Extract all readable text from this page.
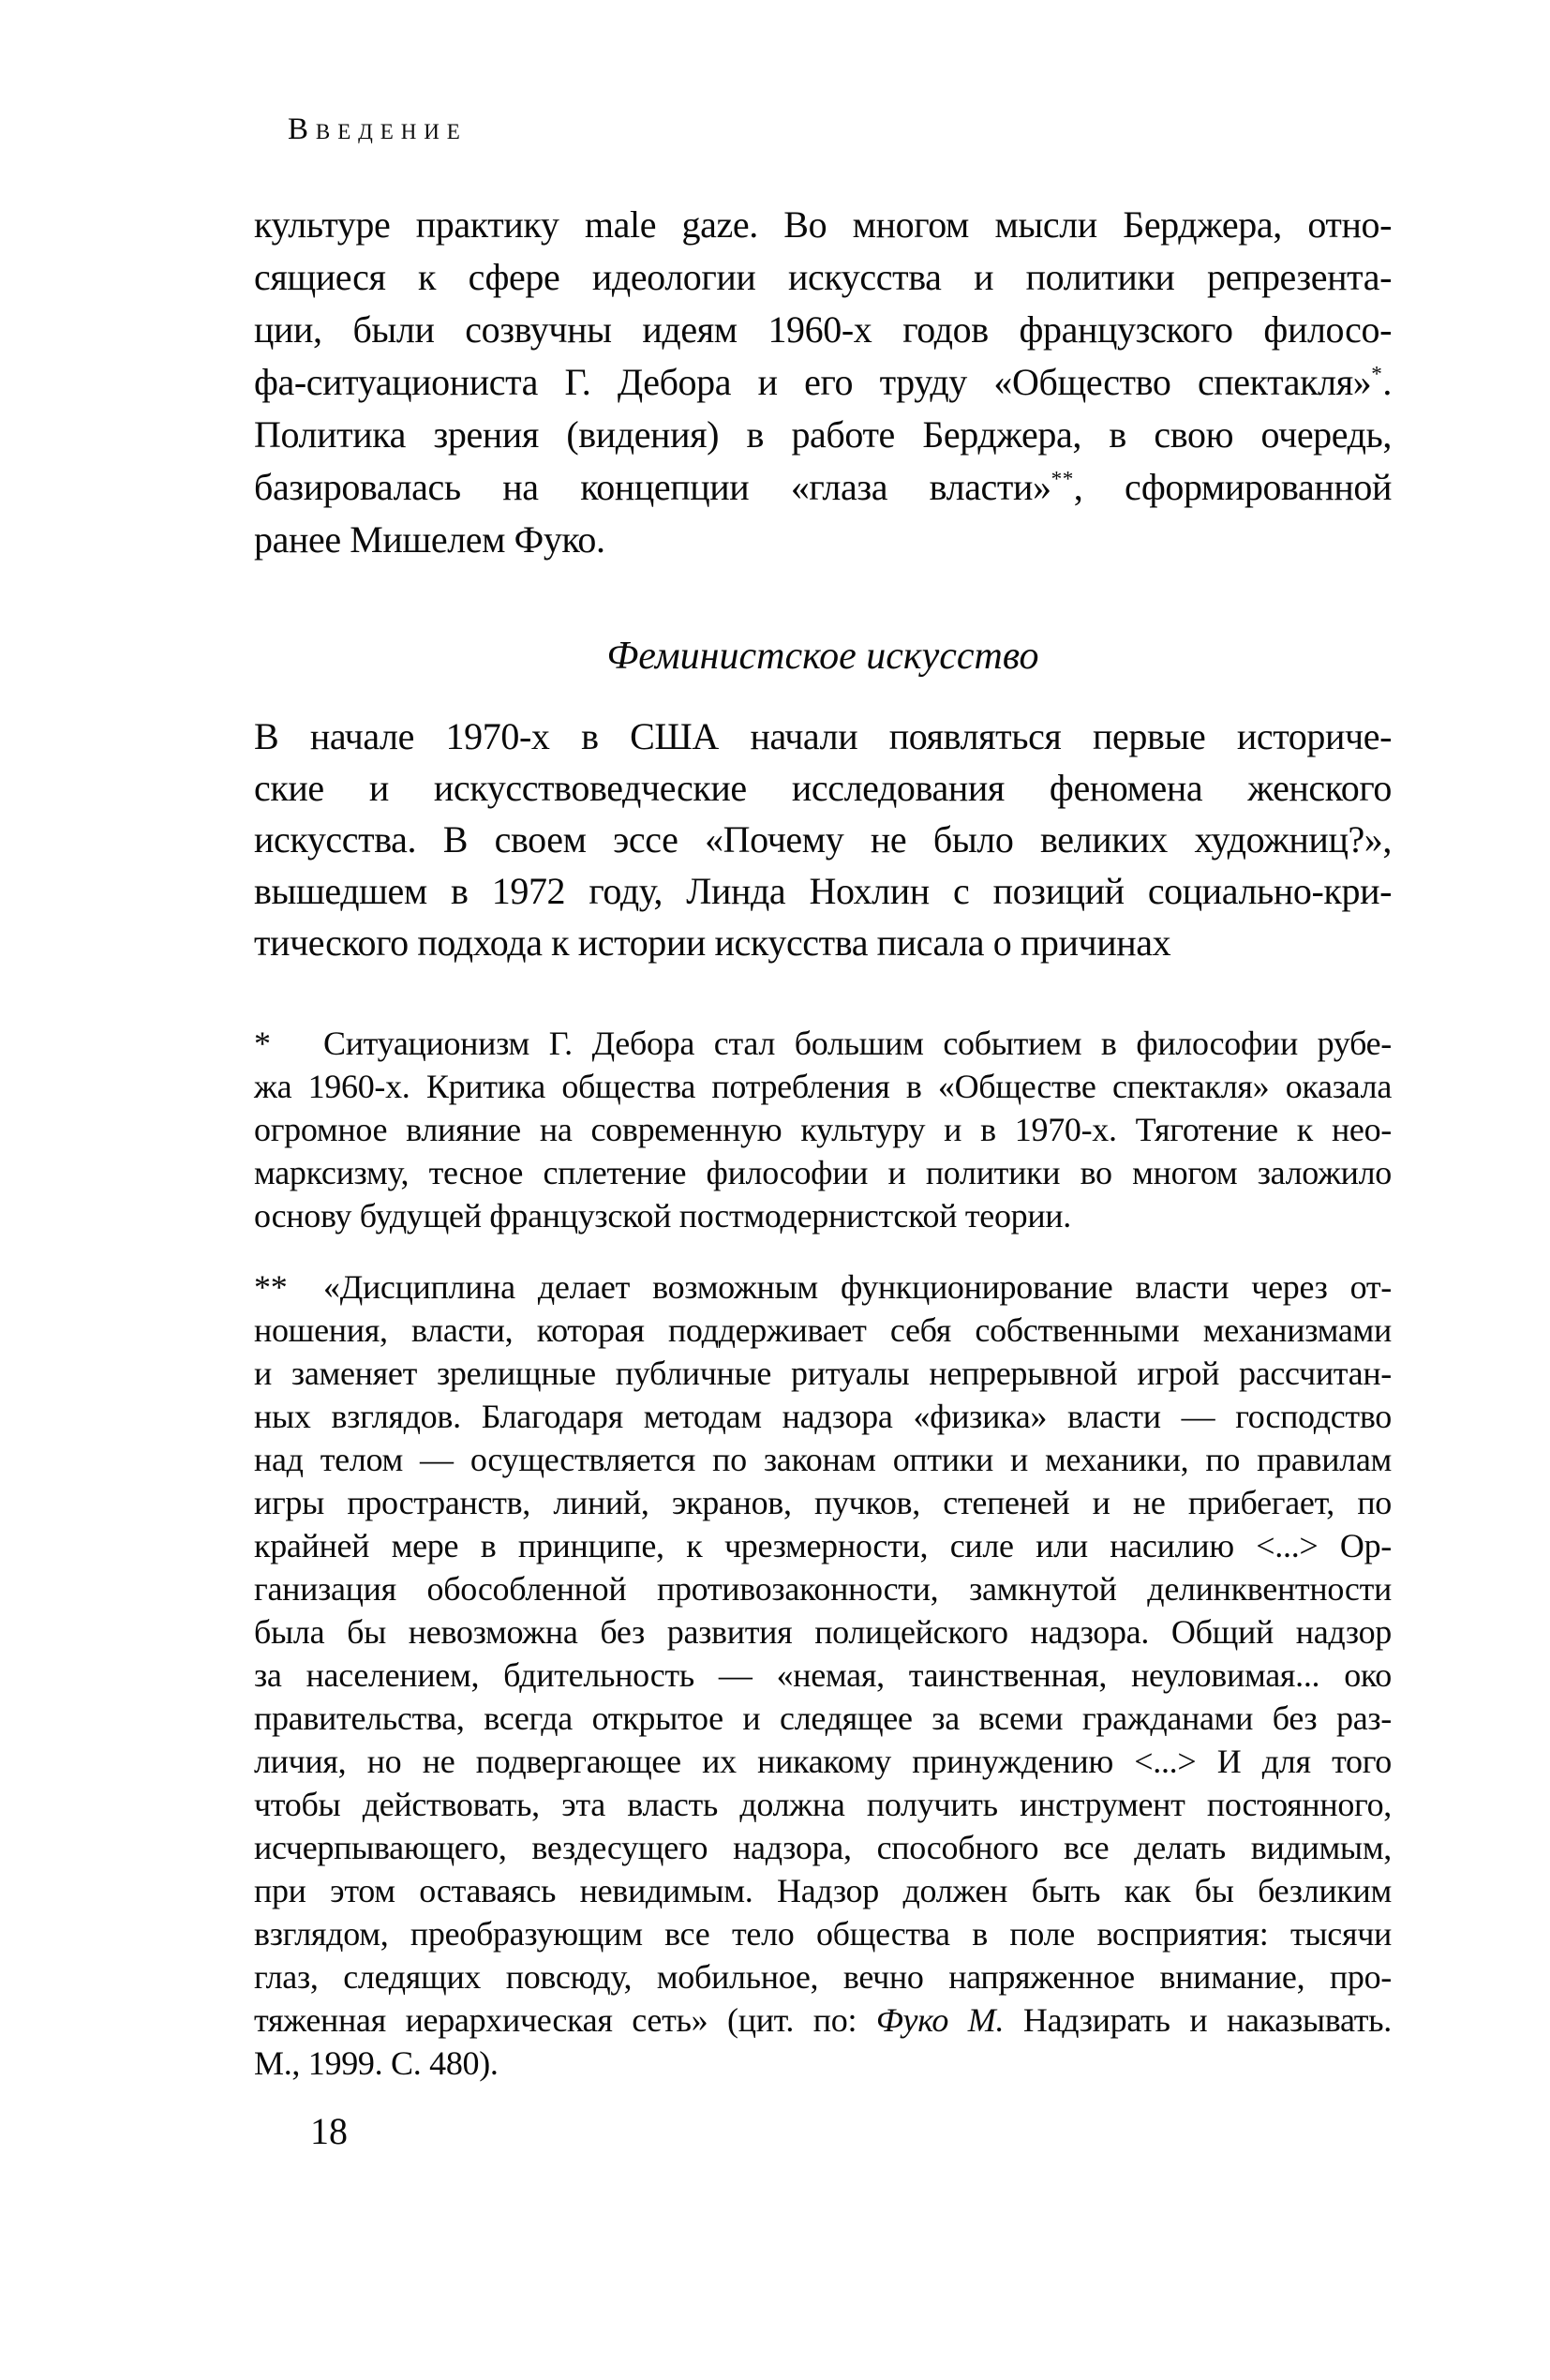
Введение
культуре практику male gaze. Во многом мысли Берджера, отно-
сящиеся к сфере идеологии искусства и политики репрезента-
ции, были созвучны идеям 1960-х годов французского филосо-
фа-ситуациониста Г. Дебора и его труду «Общество спектакля»*.
Политика зрения (видения) в работе Берджера, в свою очередь,
базировалась на концепции «глаза власти»**, сформированной
ранее Мишелем Фуко.
Феминистское искусство
В начале 1970-х в США начали появляться первые историче-
ские и искусствоведческие исследования феномена женского
искусства. В своем эссе «Почему не было великих художниц?»,
вышедшем в 1972 году, Линда Нохлин с позиций социально-кри-
тического подхода к истории искусства писала о причинах
* Ситуационизм Г. Дебора стал большим событием в философии рубе-
жа 1960-х. Критика общества потребления в «Обществе спектакля» оказала
огромное влияние на современную культуру и в 1970-х. Тяготение к нео-
марксизму, тесное сплетение философии и политики во многом заложило
основу будущей французской постмодернистской теории.
** «Дисциплина делает возможным функционирование власти через от-
ношения, власти, которая поддерживает себя собственными механизмами
и заменяет зрелищные публичные ритуалы непрерывной игрой рассчитан-
ных взглядов. Благодаря методам надзора «физика» власти — господство
над телом — осуществляется по законам оптики и механики, по правилам
игры пространств, линий, экранов, пучков, степеней и не прибегает, по
крайней мере в принципе, к чрезмерности, силе или насилию <...> Ор-
ганизация обособленной противозаконности, замкнутой делинквентности
была бы невозможна без развития полицейского надзора. Общий надзор
за населением, бдительность — «немая, таинственная, неуловимая... око
правительства, всегда открытое и следящее за всеми гражданами без раз-
личия, но не подвергающее их никакому принуждению <...> И для того
чтобы действовать, эта власть должна получить инструмент постоянного,
исчерпывающего, вездесущего надзора, способного все делать видимым,
при этом оставаясь невидимым. Надзор должен быть как бы безликим
взглядом, преобразующим все тело общества в поле восприятия: тысячи
глаз, следящих повсюду, мобильное, вечно напряженное внимание, про-
тяженная иерархическая сеть» (цит. по: Фуко М. Надзирать и наказывать.
М., 1999. С. 480).
18
